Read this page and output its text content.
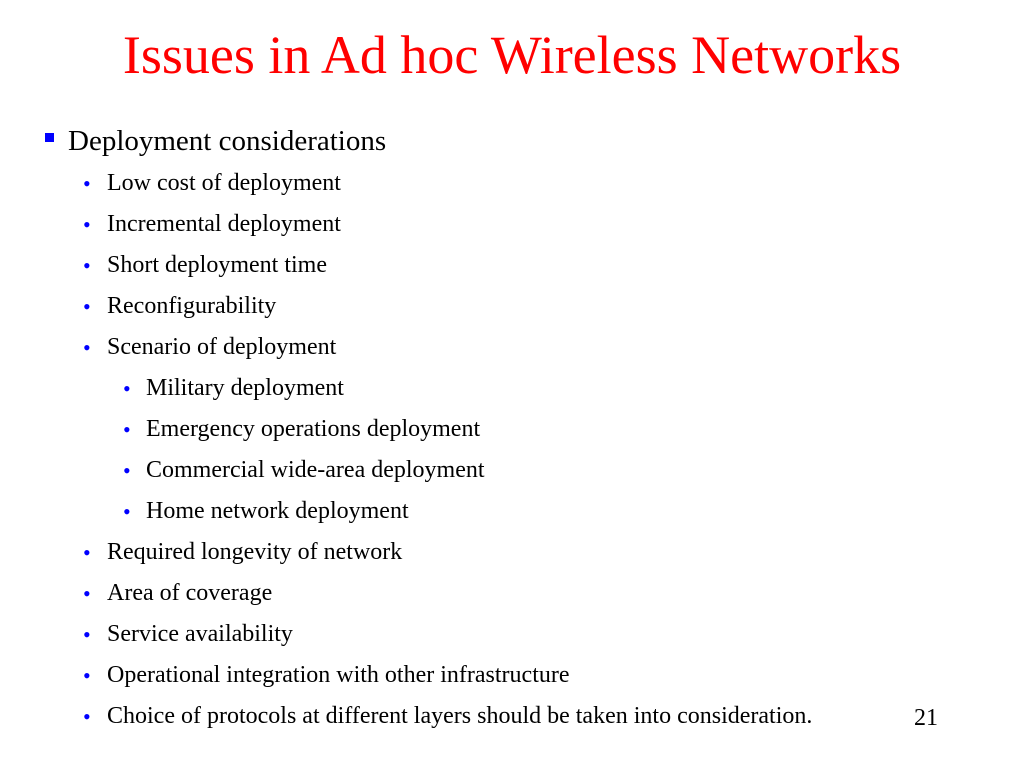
Issues in Ad hoc Wireless Networks
Deployment considerations
• Low cost of deployment
• Incremental deployment
• Short deployment time
• Reconfigurability
• Scenario of deployment
• Military deployment
• Emergency operations deployment
• Commercial wide-area deployment
• Home network deployment
• Required longevity of network
• Area of coverage
• Service availability
• Operational integration with other infrastructure
• Choice of protocols at different layers should be taken into consideration.	21
